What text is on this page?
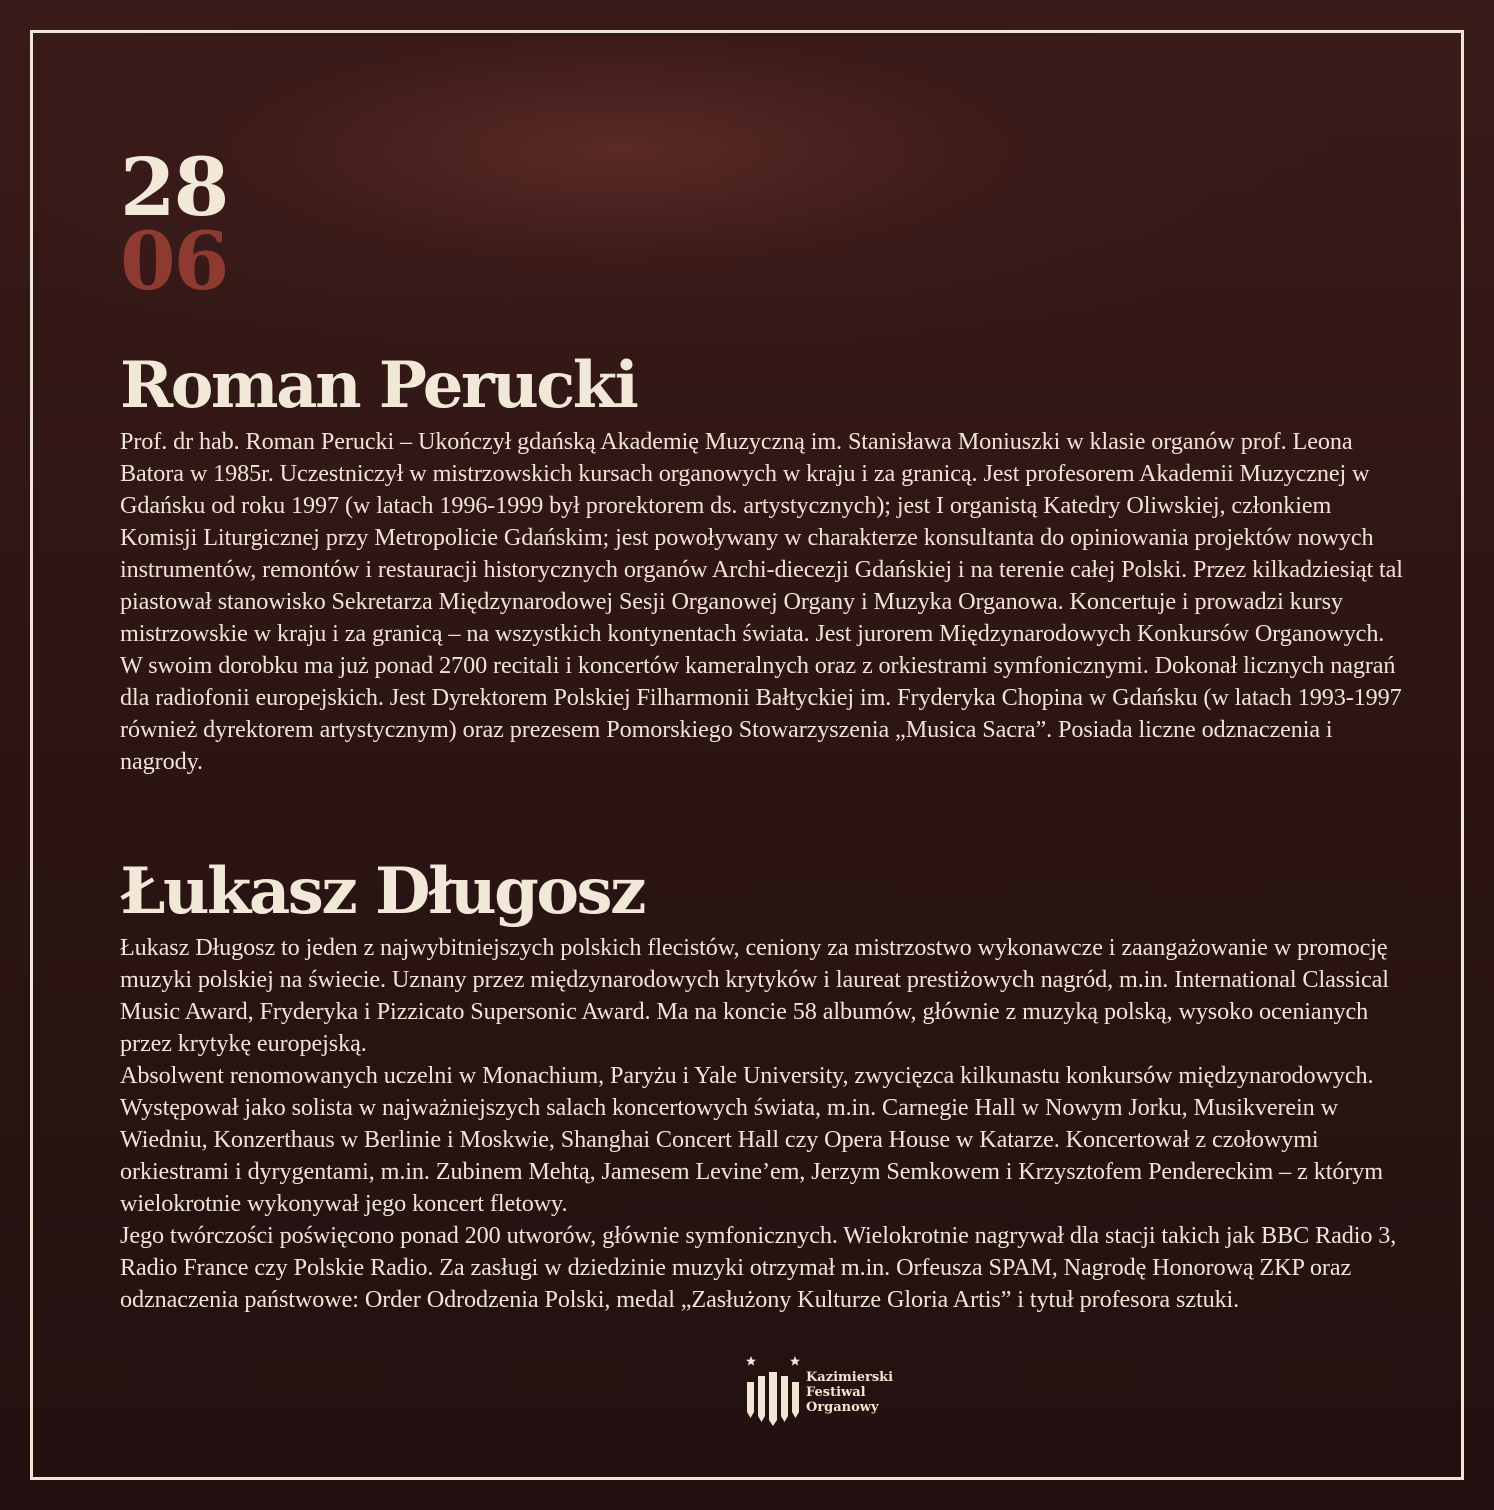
28
06
Roman Perucki

Prof. dr hab. Roman Perucki – Ukończył gdańską Akademię Muzyczną im. Stanisława Moniuszki w klasie organów prof. Leona Batora w 1985r. Uczestniczył w mistrzowskich kursach organowych w kraju i za granicą. Jest profesorem Akademii Muzycznej w Gdańsku od roku 1997 (w latach 1996-1999 był prorektorem ds. artystycznych); jest I organistą Katedry Oliwskiej, członkiem Komisji Liturgicznej przy Metropolicie Gdańskim; jest powoływany w charakterze konsultanta do opiniowania projektów nowych instrumentów, remontów i restauracji historycznych organów Archi-diecezji Gdańskiej i na terenie całej Polski. Przez kilkadziesiąt tal piastował stanowisko Sekretarza Międzynarodowej Sesji Organowej Organy i Muzyka Organowa. Koncertuje i prowadzi kursy mistrzowskie w kraju i za granicą – na wszystkich kontynentach świata. Jest jurorem Międzynarodowych Konkursów Organowych. W swoim dorobku ma już ponad 2700 recitali i koncertów kameralnych oraz z orkiestrami symfonicznymi. Dokonał licznych nagrań dla radiofonii europejskich. Jest Dyrektorem Polskiej Filharmonii Bałtyckiej im. Fryderyka Chopina w Gdańsku (w latach 1993-1997 również dyrektorem artystycznym) oraz prezesem Pomorskiego Stowarzyszenia „Musica Sacra”. Posiada liczne odznaczenia i nagrody.

Łukasz Długosz

Łukasz Długosz to jeden z najwybitniejszych polskich flecistów, ceniony za mistrzostwo wykonawcze i zaangażowanie w promocję muzyki polskiej na świecie. Uznany przez międzynarodowych krytyków i laureat prestiżowych nagród, m.in. International Classical Music Award, Fryderyka i Pizzicato Supersonic Award. Ma na koncie 58 albumów, głównie z muzyką polską, wysoko ocenianych przez krytykę europejską.

Absolwent renomowanych uczelni w Monachium, Paryżu i Yale University, zwycięzca kilkunastu konkursów międzynarodowych. Występował jako solista w najważniejszych salach koncertowych świata, m.in. Carnegie Hall w Nowym Jorku, Musikverein w Wiedniu, Konzerthaus w Berlinie i Moskwie, Shanghai Concert Hall czy Opera House w Katarze. Koncertował z czołowymi orkiestrami i dyrygentami, m.in. Zubinem Mehtą, Jamesem Levine’em, Jerzym Semkowem i Krzysztofem Pendereckim – z którym wielokrotnie wykonywał jego koncert fletowy.

Jego twórczości poświęcono ponad 200 utworów, głównie symfonicznych. Wielokrotnie nagrywał dla stacji takich jak BBC Radio 3, Radio France czy Polskie Radio. Za zasługi w dziedzinie muzyki otrzymał m.in. Orfeusza SPAM, Nagrodę Honorową ZKP oraz odznaczenia państwowe: Order Odrodzenia Polski, medal „Zasłużony Kulturze Gloria Artis” i tytuł profesora sztuki.

Kazimierski
Festiwal
Organowy
